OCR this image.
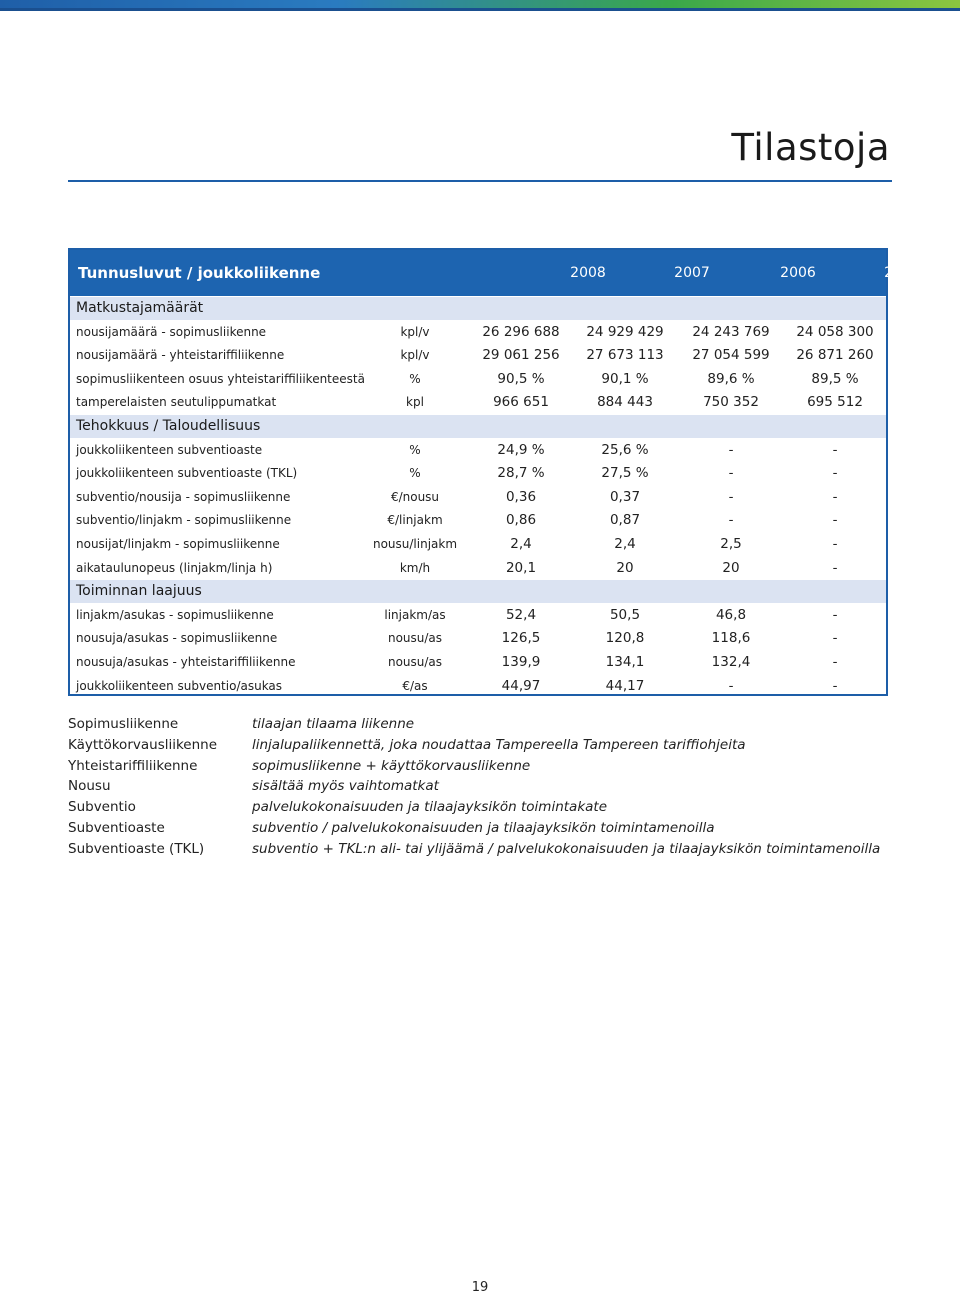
Tilastoja
Tunnusluvut / joukkoliikenne	2008	2007	2006	2005
Matkustajamäärät
nousijamäärä - sopimusliikenne	kpl/v	26 296 688	24 929 429	24 243 769	24 058 300
nousijamäärä - yhteistariffiliikenne	kpl/v	29 061 256	27 673 113	27 054 599	26 871 260
sopimusliikenteen osuus yhteistariffiliikenteestä	%	90,5 %	90,1 %	89,6 %	89,5 %
tamperelaisten seutulippumatkat	kpl	966 651	884 443	750 352	695 512
Tehokkuus / Taloudellisuus
joukkoliikenteen subventioaste	%	24,9 %	25,6 %	-	-
joukkoliikenteen subventioaste (TKL)	%	28,7 %	27,5 %	-	-
subventio/nousija - sopimusliikenne	€/nousu	0,36	0,37	-	-
subventio/linjakm - sopimusliikenne	€/linjakm	0,86	0,87	-	-
nousijat/linjakm - sopimusliikenne	nousu/linjakm	2,4	2,4	2,5	-
aikataulunopeus (linjakm/linja h)	km/h	20,1	20	20	-
Toiminnan laajuus
linjakm/asukas - sopimusliikenne	linjakm/as	52,4	50,5	46,8	-
nousuja/asukas - sopimusliikenne	nousu/as	126,5	120,8	118,6	-
nousuja/asukas - yhteistariffiliikenne	nousu/as	139,9	134,1	132,4	-
joukkoliikenteen subventio/asukas	€/as	44,97	44,17	-	-
Sopimusliikenne	tilaajan tilaama liikenne
Käyttökorvausliikenne	linjalupaliikennettä, joka noudattaa Tampereella Tampereen tariffiohjeita
Yhteistariffiliikenne	sopimusliikenne + käyttökorvausliikenne
Nousu	sisältää myös vaihtomatkat
Subventio	palvelukokonaisuuden ja tilaajayksikön toimintakate
Subventioaste	subventio / palvelukokonaisuuden ja tilaajayksikön toimintamenoilla
Subventioaste (TKL)	subventio + TKL:n ali- tai ylijäämä / palvelukokonaisuuden ja tilaajayksikön toimintamenoilla
19
